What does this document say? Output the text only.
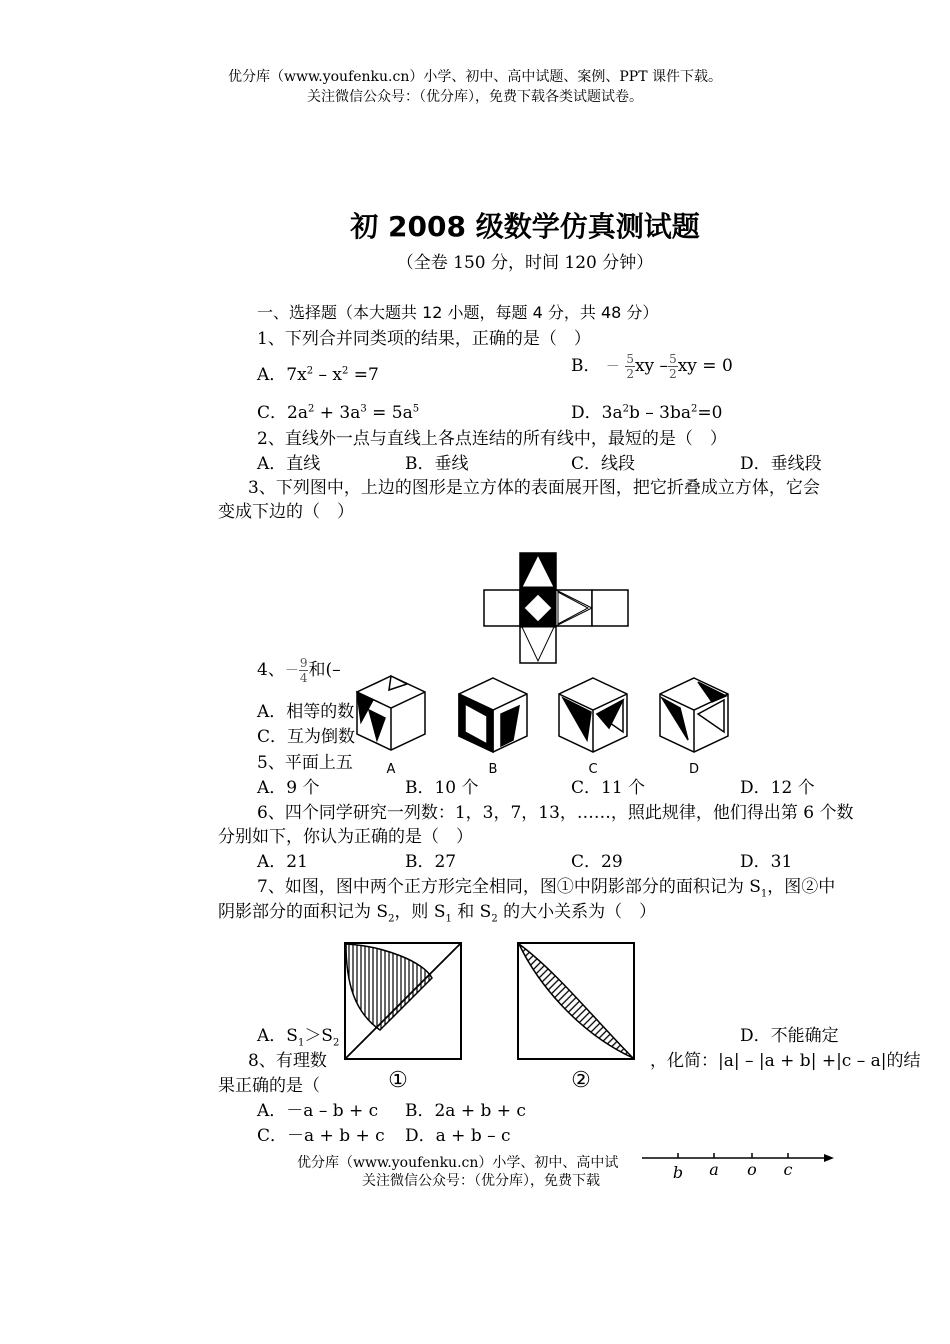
优分库（www.youfenku.cn）小学、初中、高中试题、案例、PPT 课件下载。
关注微信公众号：（优分库），免费下载各类试题试卷。
初 2008 级数学仿真测试题
（全卷 150 分，时间 120 分钟）
一、选择题（本大题共 12 小题，每题 4 分，共 48 分）
1、下列合并同类项的结果，正确的是（　）
A．$7x^2 - x^2 =7$	B． － $\frac{5}{2}$ xy – $\frac{5}{2}$ xy = 0
C．$2a^2 + 3a^3 = 5a^5$	D．$3a^2b - 3ba^2=0$
2、直线外一点与直线上各点连结的所有线中，最短的是（　）
A．直线	B．垂线	C．线段	D．垂线段
3、下列图中，上边的图形是立方体的表面展开图，把它折叠成立方体，它会
变成下边的（　）
4、－ $\frac{9}{4}$ 和(–
A．相等的数
C．互为倒数
5、平面上五
A．9 个	B．10 个	C．11 个	D．12 个
A	B	C	D
6、四个同学研究一列数：1，3，7，13，……，照此规律，他们得出第 6 个数
分别如下，你认为正确的是（　）
A．21	B．27	C．29	D．31
7、如图，图中两个正方形完全相同，图①中阴影部分的面积记为 $S_1$，图②中
阴影部分的面积记为 $S_2$，则 $S_1$ 和 $S_2$ 的大小关系为（　）
A．$S_1>S_2$	D．不能确定
①	②
8、有理数	，化简：|a| – |a + b| +|c – a|的结
果正确的是（
A．－a – b + c B．2a + b + c
C．－a + b + c D．a + b – c
b a o c
优分库（www.youfenku.cn）小学、初中、高中试
关注微信公众号：（优分库），免费下载
